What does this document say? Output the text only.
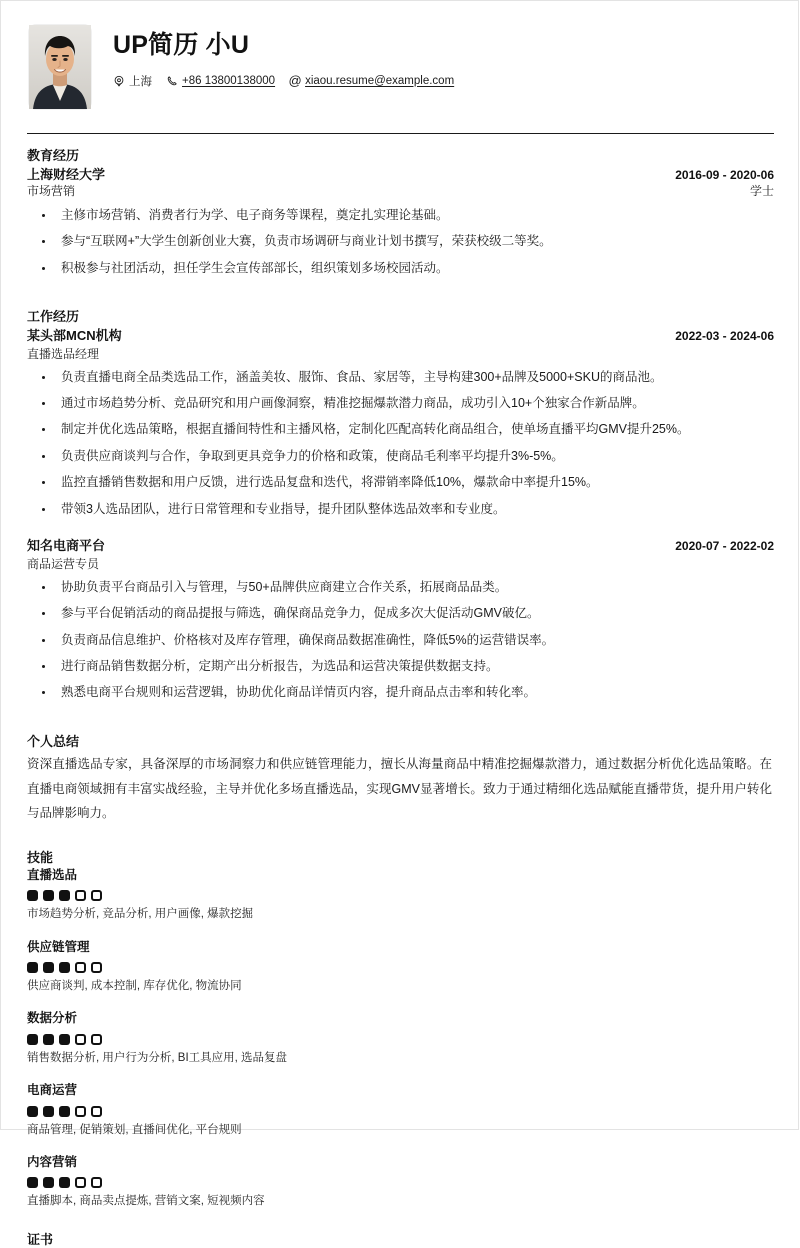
UP简历 小U
上海	+86 13800138000 @ xiaou.resume@example.com
教育经历
上海财经大学	2016-09 - 2020-06
市场营销	学士
主修市场营销、消费者行为学、电子商务等课程，奠定扎实理论基础。
参与“互联网+”大学生创新创业大赛，负责市场调研与商业计划书撰写，荣获校级二等奖。
积极参与社团活动，担任学生会宣传部部长，组织策划多场校园活动。
工作经历
某头部MCN机构	2022-03 - 2024-06
直播选品经理
负责直播电商全品类选品工作，涵盖美妆、服饰、食品、家居等，主导构建300+品牌及5000+SKU的商品池。
通过市场趋势分析、竞品研究和用户画像洞察，精准挖掘爆款潜力商品，成功引入10+个独家合作新品牌。
制定并优化选品策略，根据直播间特性和主播风格，定制化匹配高转化商品组合，使单场直播平均GMV提升25%。
负责供应商谈判与合作，争取到更具竞争力的价格和政策，使商品毛利率平均提升3%-5%。
监控直播销售数据和用户反馈，进行选品复盘和迭代，将滞销率降低10%，爆款命中率提升15%。
带领3人选品团队，进行日常管理和专业指导，提升团队整体选品效率和专业度。
知名电商平台	2020-07 - 2022-02
商品运营专员
协助负责平台商品引入与管理，与50+品牌供应商建立合作关系，拓展商品品类。
参与平台促销活动的商品提报与筛选，确保商品竞争力，促成多次大促活动GMV破亿。
负责商品信息维护、价格核对及库存管理，确保商品数据准确性，降低5%的运营错误率。
进行商品销售数据分析，定期产出分析报告，为选品和运营决策提供数据支持。
熟悉电商平台规则和运营逻辑，协助优化商品详情页内容，提升商品点击率和转化率。
个人总结
资深直播选品专家，具备深厚的市场洞察力和供应链管理能力，擅长从海量商品中精准挖掘爆款潜力，通过数据分析优化选品策略。在直播电商领域拥有丰富实战经验，主导并优化多场直播选品，实现GMV显著增长。致力于通过精细化选品赋能直播带货，提升用户转化与品牌影响力。
技能
直播选品
市场趋势分析, 竞品分析, 用户画像, 爆款挖掘
供应链管理
供应商谈判, 成本控制, 库存优化, 物流协同
数据分析
销售数据分析, 用户行为分析, BI工具应用, 选品复盘
电商运营
商品管理, 促销策划, 直播间优化, 平台规则
内容营销
直播脚本, 商品卖点提炼, 营销文案, 短视频内容
证书
